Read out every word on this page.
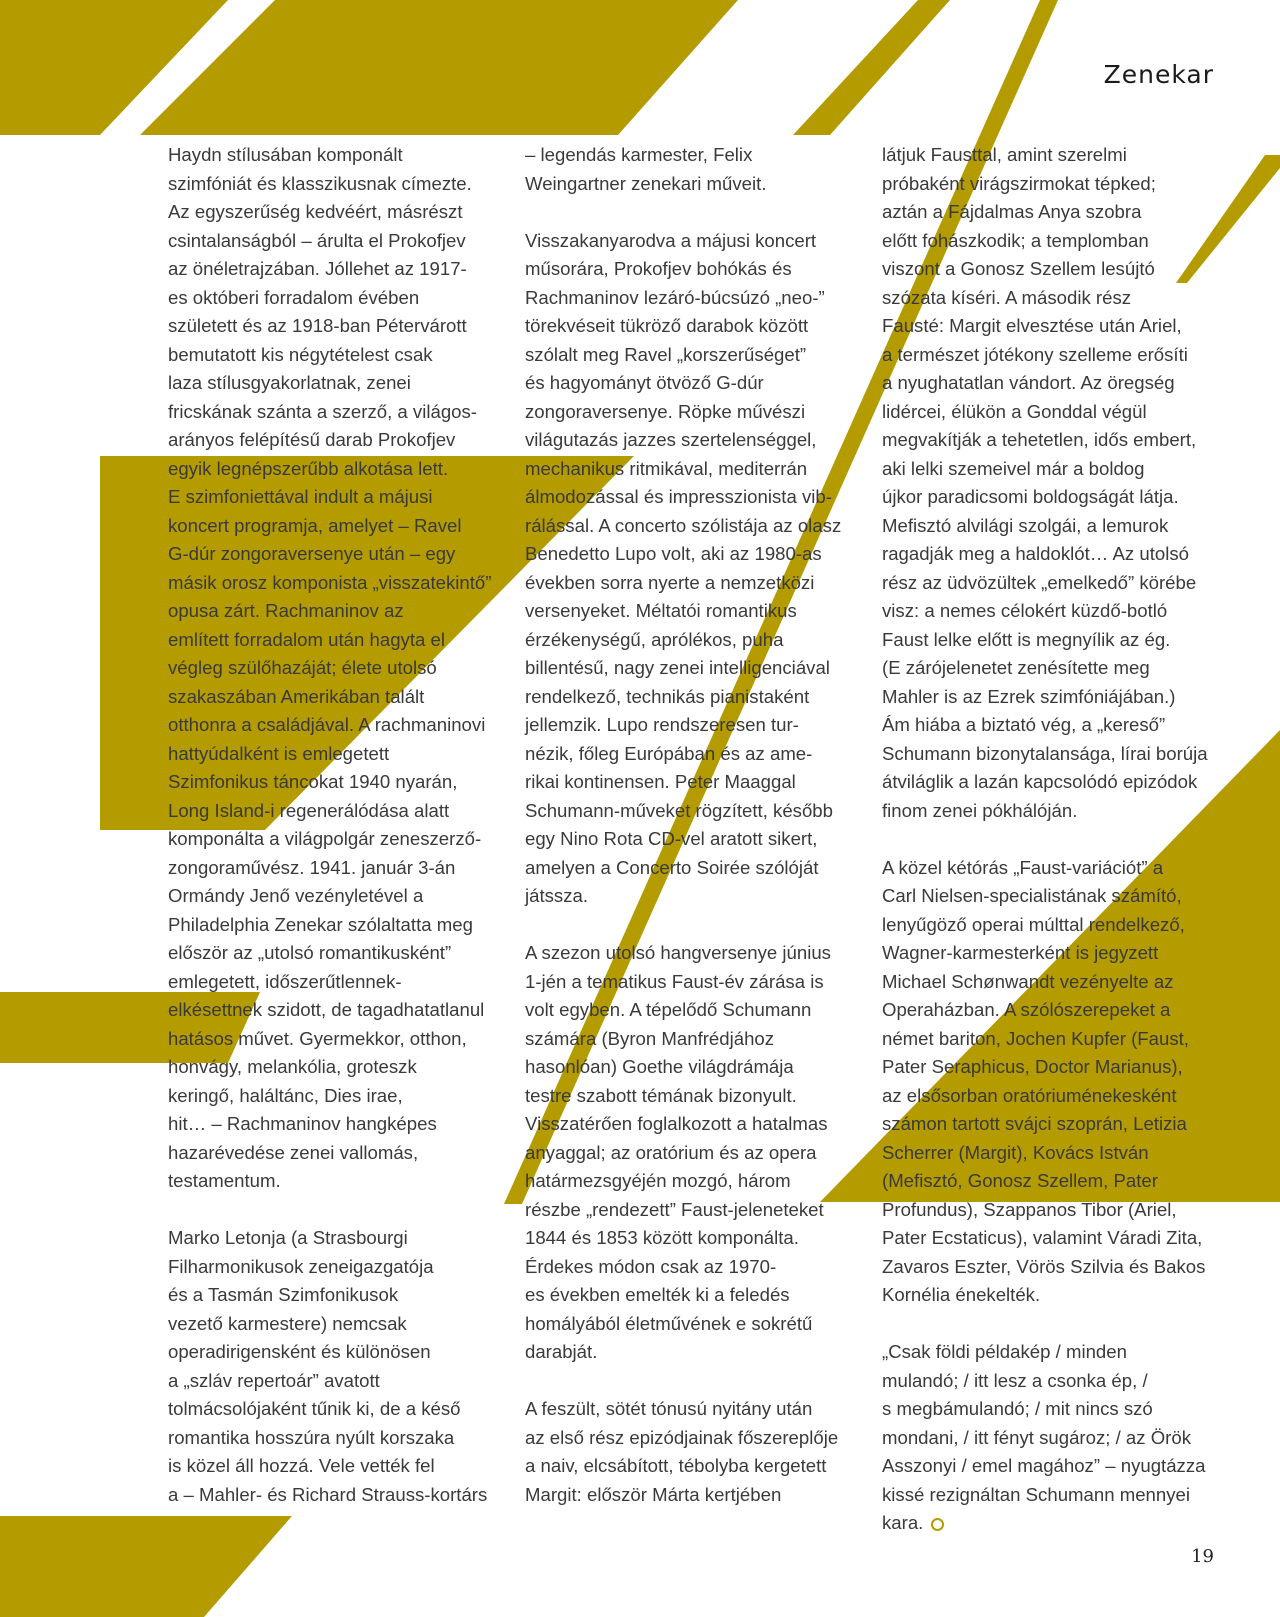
Zenekar
Haydn stílusában komponált
szimfóniát és klasszikusnak címezte.
Az egyszerűség kedvéért, másrészt
csintalanságból – árulta el Prokofjev
az önéletrajzában. Jóllehet az 1917-
es októberi forradalom évében
született és az 1918-ban Pétervárott
bemutatott kis négytételest csak
laza stílusgyakorlatnak, zenei
fricskának szánta a szerző, a világos-
arányos felépítésű darab Prokofjev
egyik legnépszerűbb alkotása lett.
E szimfoniettával indult a májusi
koncert programja, amelyet – Ravel
G-dúr zongoraversenye után – egy
másik orosz komponista „visszatekintő”
opusa zárt. Rachmaninov az
említett forradalom után hagyta el
végleg szülőhazáját; élete utolsó
szakaszában Amerikában talált
otthonra a családjával. A rachmaninovi
hattyúdalként is emlegetett
Szimfonikus táncokat 1940 nyarán,
Long Island-i regenerálódása alatt
komponálta a világpolgár zeneszerző-
zongoraművész. 1941. január 3-án
Ormándy Jenő vezényletével a
Philadelphia Zenekar szólaltatta meg
először az „utolsó romantikusként”
emlegetett, időszerűtlennek-
elkésettnek szidott, de tagadhatatlanul
hatásos művet. Gyermekkor, otthon,
honvágy, melankólia, groteszk
keringő, haláltánc, Dies irae,
hit… – Rachmaninov hangképes
hazarévedése zenei vallomás,
testamentum.
Marko Letonja (a Strasbourgi
Filharmonikusok zeneigazgatója
és a Tasmán Szimfonikusok
vezető karmestere) nemcsak
operadirigensként és különösen
a „szláv repertoár” avatott
tolmácsolójaként tűnik ki, de a késő
romantika hosszúra nyúlt korszaka
is közel áll hozzá. Vele vették fel
a – Mahler- és Richard Strauss-kortárs
– legendás karmester, Felix
Weingartner zenekari műveit.
Visszakanyarodva a májusi koncert
műsorára, Prokofjev bohókás és
Rachmaninov lezáró-búcsúzó „neo-”
törekvéseit tükröző darabok között
szólalt meg Ravel „korszerűséget”
és hagyományt ötvöző G-dúr
zongoraversenye. Röpke művészi
világutazás jazzes szertelenséggel,
mechanikus ritmikával, mediterrán
álmodozással és impresszionista vib-
rálással. A concerto szólistája az olasz
Benedetto Lupo volt, aki az 1980-as
években sorra nyerte a nemzetközi
versenyeket. Méltatói romantikus
érzékenységű, aprólékos, puha
billentésű, nagy zenei intelligenciával
rendelkező, technikás pianistaként
jellemzik. Lupo rendszeresen tur-
nézik, főleg Európában és az ame-
rikai kontinensen. Peter Maaggal
Schumann-műveket rögzített, később
egy Nino Rota CD-vel aratott sikert,
amelyen a Concerto Soirée szólóját
játssza.
A szezon utolsó hangversenye június
1-jén a tematikus Faust-év zárása is
volt egyben. A tépelődő Schumann
számára (Byron Manfrédjához
hasonlóan) Goethe világdrámája
testre szabott témának bizonyult.
Visszatérően foglalkozott a hatalmas
anyaggal; az oratórium és az opera
határmezsgyéjén mozgó, három
részbe „rendezett” Faust-jeleneteket
1844 és 1853 között komponálta.
Érdekes módon csak az 1970-
es években emelték ki a feledés
homályából életművének e sokrétű
darabját.
A feszült, sötét tónusú nyitány után
az első rész epizódjainak főszereplője
a naiv, elcsábított, tébolyba kergetett
Margit: először Márta kertjében
látjuk Fausttal, amint szerelmi
próbaként virágszirmokat tépked;
aztán a Fájdalmas Anya szobra
előtt fohászkodik; a templomban
viszont a Gonosz Szellem lesújtó
szózata kíséri. A második rész
Fausté: Margit elvesztése után Ariel,
a természet jótékony szelleme erősíti
a nyughatatlan vándort. Az öregség
lidércei, élükön a Gonddal végül
megvakítják a tehetetlen, idős embert,
aki lelki szemeivel már a boldog
újkor paradicsomi boldogságát látja.
Mefisztó alvilági szolgái, a lemurok
ragadják meg a haldoklót… Az utolsó
rész az üdvözültek „emelkedő” körébe
visz: a nemes célokért küzdő-botló
Faust lelke előtt is megnyílik az ég.
(E zárójelenetet zenésítette meg
Mahler is az Ezrek szimfóniájában.)
Ám hiába a biztató vég, a „kereső”
Schumann bizonytalansága, lírai borúja
átviláglik a lazán kapcsolódó epizódok
finom zenei pókhálóján.
A közel kétórás „Faust-variációt” a
Carl Nielsen-specialistának számító,
lenyűgöző operai múlttal rendelkező,
Wagner-karmesterként is jegyzett
Michael Schønwandt vezényelte az
Operaházban. A szólószerepeket a
német bariton, Jochen Kupfer (Faust,
Pater Seraphicus, Doctor Marianus),
az elsősorban oratóriuménekesként
számon tartott svájci szoprán, Letizia
Scherrer (Margit), Kovács István
(Mefisztó, Gonosz Szellem, Pater
Profundus), Szappanos Tibor (Ariel,
Pater Ecstaticus), valamint Váradi Zita,
Zavaros Eszter, Vörös Szilvia és Bakos
Kornélia énekelték.
„Csak földi példakép / minden
mulandó; / itt lesz a csonka ép, /
s megbámulandó; / mit nincs szó
mondani, / itt fényt sugároz; / az Örök
Asszonyi / emel magához” – nyugtázza
kissé rezignáltan Schumann mennyei
kara.
19
